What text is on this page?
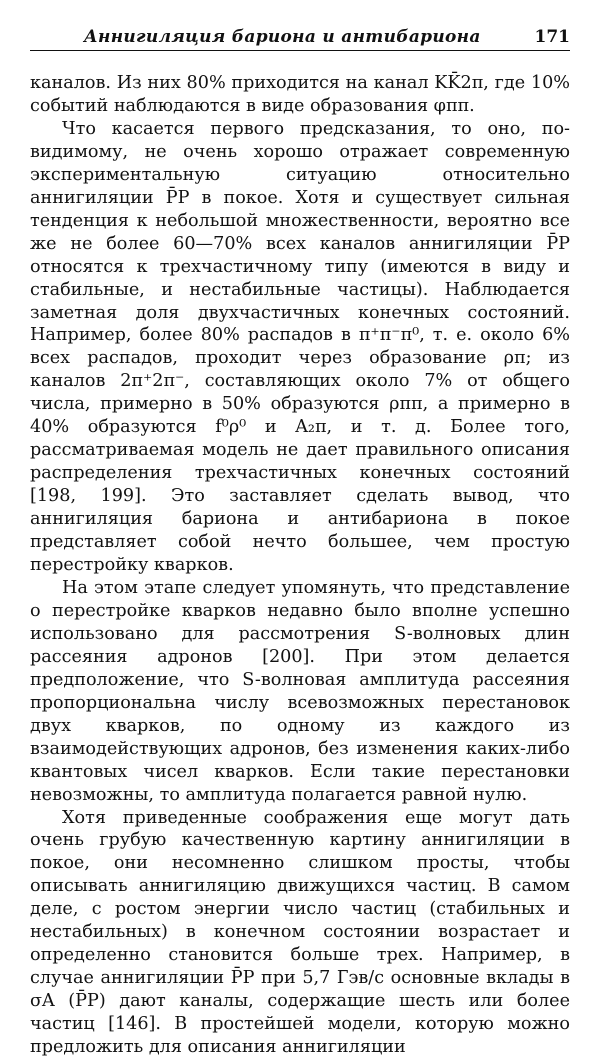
Аннигиляция бариона и антибариона	171

каналов. Из них 80% приходится на канал KK̄2π, где 10% событий наблюдаются в виде образования φππ.

Что касается первого предсказания, то оно, по-видимому, не очень хорошо отражает современную экспериментальную ситуацию относительно аннигиляции P̄P в покое. Хотя и существует сильная тенденция к небольшой множественности, вероятно все же не более 60—70% всех каналов аннигиляции P̄P относятся к трехчастичному типу (имеются в виду и стабильные, и нестабильные частицы). Наблюдается заметная доля двухчастичных конечных состояний. Например, более 80% распадов в π⁺π⁻π⁰, т. е. около 6% всех распадов, проходит через образование ρπ; из каналов 2π⁺2π⁻, составляющих около 7% от общего числа, примерно в 50% образуются ρππ, а примерно в 40% образуются f⁰ρ⁰ и A₂π, и т. д. Более того, рассматриваемая модель не дает правильного описания распределения трехчастичных конечных состояний [198, 199]. Это заставляет сделать вывод, что аннигиляция бариона и антибариона в покое представляет собой нечто большее, чем простую перестройку кварков.

На этом этапе следует упомянуть, что представление о перестройке кварков недавно было вполне успешно использовано для рассмотрения S-волновых длин рассеяния адронов [200]. При этом делается предположение, что S-волновая амплитуда рассеяния пропорциональна числу всевозможных перестановок двух кварков, по одному из каждого из взаимодействующих адронов, без изменения каких-либо квантовых чисел кварков. Если такие перестановки невозможны, то амплитуда полагается равной нулю.

Хотя приведенные соображения еще могут дать очень грубую качественную картину аннигиляции в покое, они несомненно слишком просты, чтобы описывать аннигиляцию движущихся частиц. В самом деле, с ростом энергии число частиц (стабильных и нестабильных) в конечном состоянии возрастает и определенно становится больше трех. Например, в случае аннигиляции P̄P при 5,7 Гэв/с основные вклады в σA (P̄P) дают каналы, содержащие шесть или более частиц [146]. В простейшей модели, которую можно предложить для описания аннигиляции
